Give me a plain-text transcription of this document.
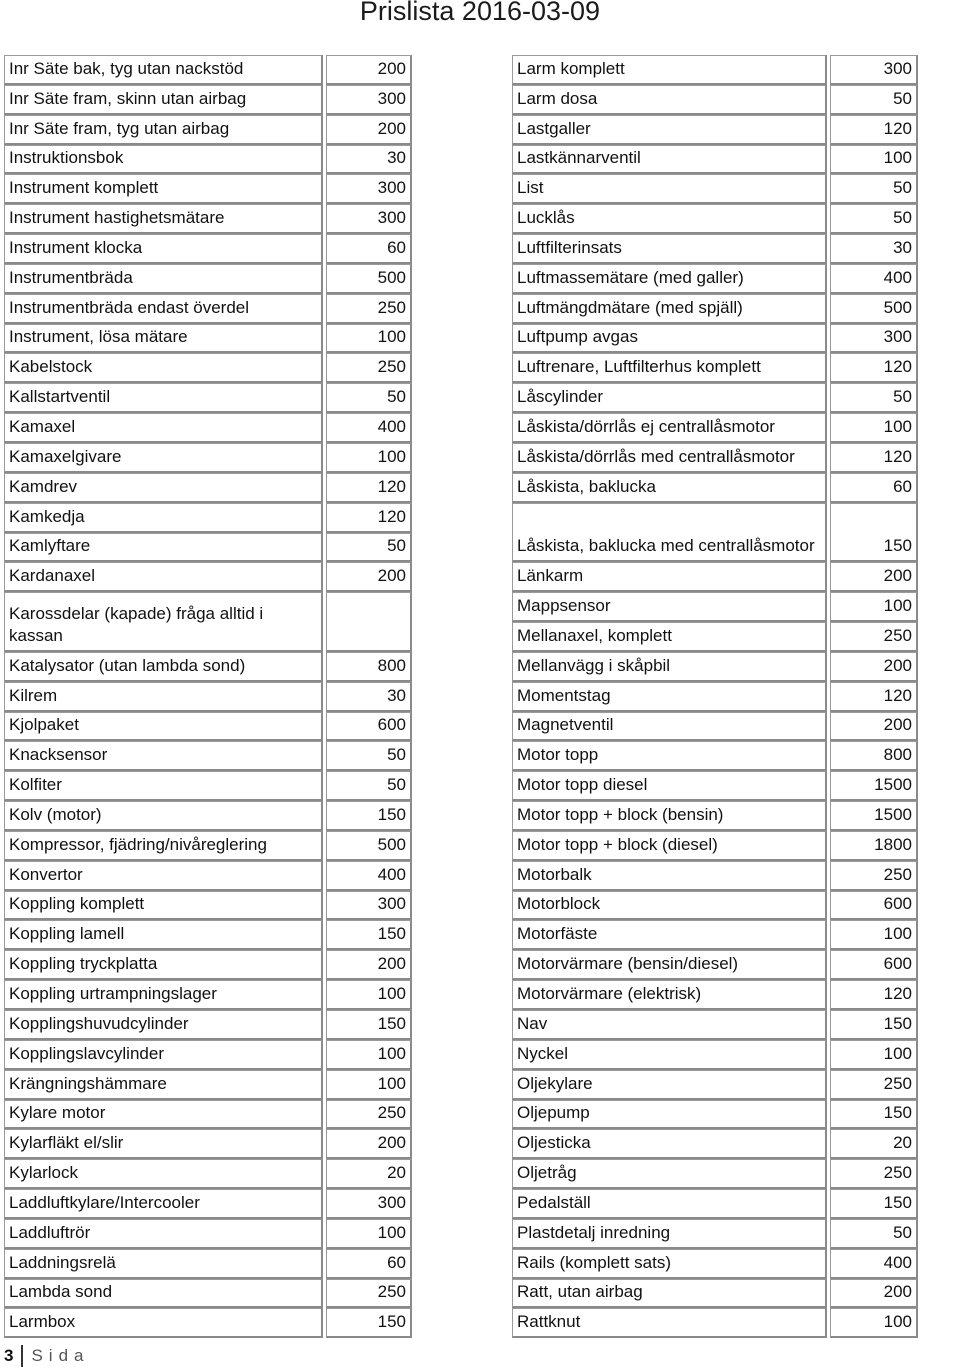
Prislista 2016-03-09
Inr Säte bak, tyg utan nackstöd	200
Inr Säte fram, skinn utan airbag	300
Inr Säte fram, tyg utan airbag	200
Instruktionsbok	30
Instrument komplett	300
Instrument hastighetsmätare	300
Instrument klocka	60
Instrumentbräda	500
Instrumentbräda endast överdel	250
Instrument, lösa mätare	100
Kabelstock	250
Kallstartventil	50
Kamaxel	400
Kamaxelgivare	100
Kamdrev	120
Kamkedja	120
Kamlyftare	50
Kardanaxel	200
Karossdelar (kapade) fråga alltid i kassan
Katalysator (utan lambda sond)	800
Kilrem	30
Kjolpaket	600
Knacksensor	50
Kolfiter	50
Kolv (motor)	150
Kompressor, fjädring/nivåreglering	500
Konvertor	400
Koppling komplett	300
Koppling lamell	150
Koppling tryckplatta	200
Koppling urtrampningslager	100
Kopplingshuvudcylinder	150
Kopplingslavcylinder	100
Krängningshämmare	100
Kylare motor	250
Kylarfläkt el/slir	200
Kylarlock	20
Laddluftkylare/Intercooler	300
Laddluftrör	100
Laddningsrelä	60
Lambda sond	250
Larmbox	150
Larm komplett	300
Larm dosa	50
Lastgaller	120
Lastkännarventil	100
List	50
Lucklås	50
Luftfilterinsats	30
Luftmassemätare (med galler)	400
Luftmängdmätare (med spjäll)	500
Luftpump avgas	300
Luftrenare, Luftfilterhus komplett	120
Låscylinder	50
Låskista/dörrlås ej centrallåsmotor	100
Låskista/dörrlås med centrallåsmotor	120
Låskista, baklucka	60
Låskista, baklucka med centrallåsmotor	150
Länkarm	200
Mappsensor	100
Mellanaxel, komplett	250
Mellanvägg i skåpbil	200
Momentstag	120
Magnetventil	200
Motor topp	800
Motor topp diesel	1500
Motor topp + block (bensin)	1500
Motor topp + block (diesel)	1800
Motorbalk	250
Motorblock	600
Motorfäste	100
Motorvärmare (bensin/diesel)	600
Motorvärmare (elektrisk)	120
Nav	150
Nyckel	100
Oljekylare	250
Oljepump	150
Oljesticka	20
Oljetråg	250
Pedalställ	150
Plastdetalj inredning	50
Rails (komplett sats)	400
Ratt, utan airbag	200
Rattknut	100
3	Sida
